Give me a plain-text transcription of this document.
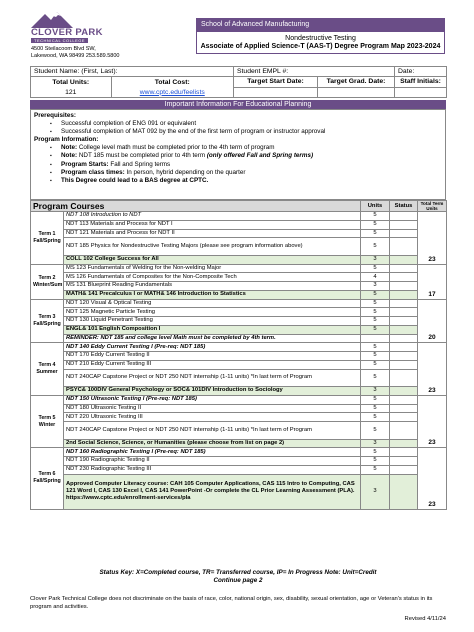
CLOVER PARK
TECHNICAL COLLEGE
4500 Steilacoom Blvd SW,
Lakewood, WA 98499 253.589.5800
School of Advanced Manufacturing
Nondestructive Testing
Associate of Applied Science-T (AAS-T) Degree Program Map 2023-2024
Student Name: (First, Last):	Student EMPL #:	Date:

Total Units:	Total Cost:
121	www.cptc.edu/feelists
	Target Start Date:	Target Grad. Date:	Staff Initials:

Important Information For Educational Planning
Prerequisites:
▪ Successful completion of ENG 091 or equivalent
▪ Successful completion of MAT 092 by the end of the first term of program or instructor approval
Program Information:
▪ Note: College level math must be completed prior to the 4th term of program
▪ Note: NDT 185 must be completed prior to 4th term (only offered Fall and Spring terms)
▪ Program Starts: Fall and Spring terms
▪ Program class times: In person, hybrid depending on the quarter
▪ This Degree could lead to a BAS degree at CPTC.
Program Courses		Units	Status	Total Term Units

Term 1
Fall/Spring	NDT 108 Introduction to NDT	5		23
	NDT 113 Materials and Process for NDT I	5		
	NDT 121 Materials and Process for NDT II	5		
	NDT 185 Physics for Nondestructive Testing Majors (please see program information above)	5		
	COLL 102 College Success for All	3		

Term 2
Winter/Sum	MS 123 Fundamentals of Welding for the Non-welding Major	5		17
	MS 126 Fundamentals of Composites for the Non-Composite Tech	4		
	MS 131 Blueprint Reading Fundamentals	3		
	MATH& 141 Precalculus I or MATH& 146 Introduction to Statistics	5		

Term 3
Fall/Spring	NDT 120 Visual & Optical Testing	5		20
	NDT 125 Magnetic Particle Testing	5		
	NDT 130 Liquid Penetrant Testing	5		
	ENGL& 101 English Composition I	5		
	REMINDER: NDT 185 and college level Math must be completed by 4th term.			

Term 4
Summer	NDT 140 Eddy Current Testing I (Pre-req: NDT 185)	5		23
	NDT 170 Eddy Current Testing II	5		
	NDT 210 Eddy Current Testing III	5		
	NDT 240CAP Capstone Project or NDT 250 NDT internship (1-11 units) *In last term of Program	5		
	PSYC& 100DIV General Psychology or SOC& 101DIV Introduction to Sociology	3		

Term 5
Winter	NDT 150 Ultrasonic Testing I (Pre-req: NDT 185)	5		23
	NDT 180 Ultrasonic Testing II	5		
	NDT 220 Ultrasonic Testing III	5		
	NDT 240CAP Capstone Project or NDT 250 NDT internship (1-11 units) *In last term of Program	5		
	2nd Social Science, Science, or Humanities (please choose from list on page 2)	3		

Term 6
Fall/Spring	NDT 160 Radiographic Testing I (Pre-req: NDT 185)	5		23
	NDT 190 Radiographic Testing II	5		
	NDT 230 Radiographic Testing III	5		
	Approved Computer Literacy course: CAH 105 Computer Applications, CAS 115 Intro to Computing, CAS 121 Word I, CAS 130 Excel I, CAS 141 PowerPoint -Or complete the CL Prior Learning Assessment (PLA). https://www.cptc.edu/enrollment-services/pla	3		
Status Key: X=Completed course, TR= Transferred course, IP= In Progress Note: Unit=Credit
Continue page 2
Clover Park Technical College does not discriminate on the basis of race, color, national origin, sex, disability, sexual orientation, age or Veteran's status in its program and activities.
Revised 4/11/24
